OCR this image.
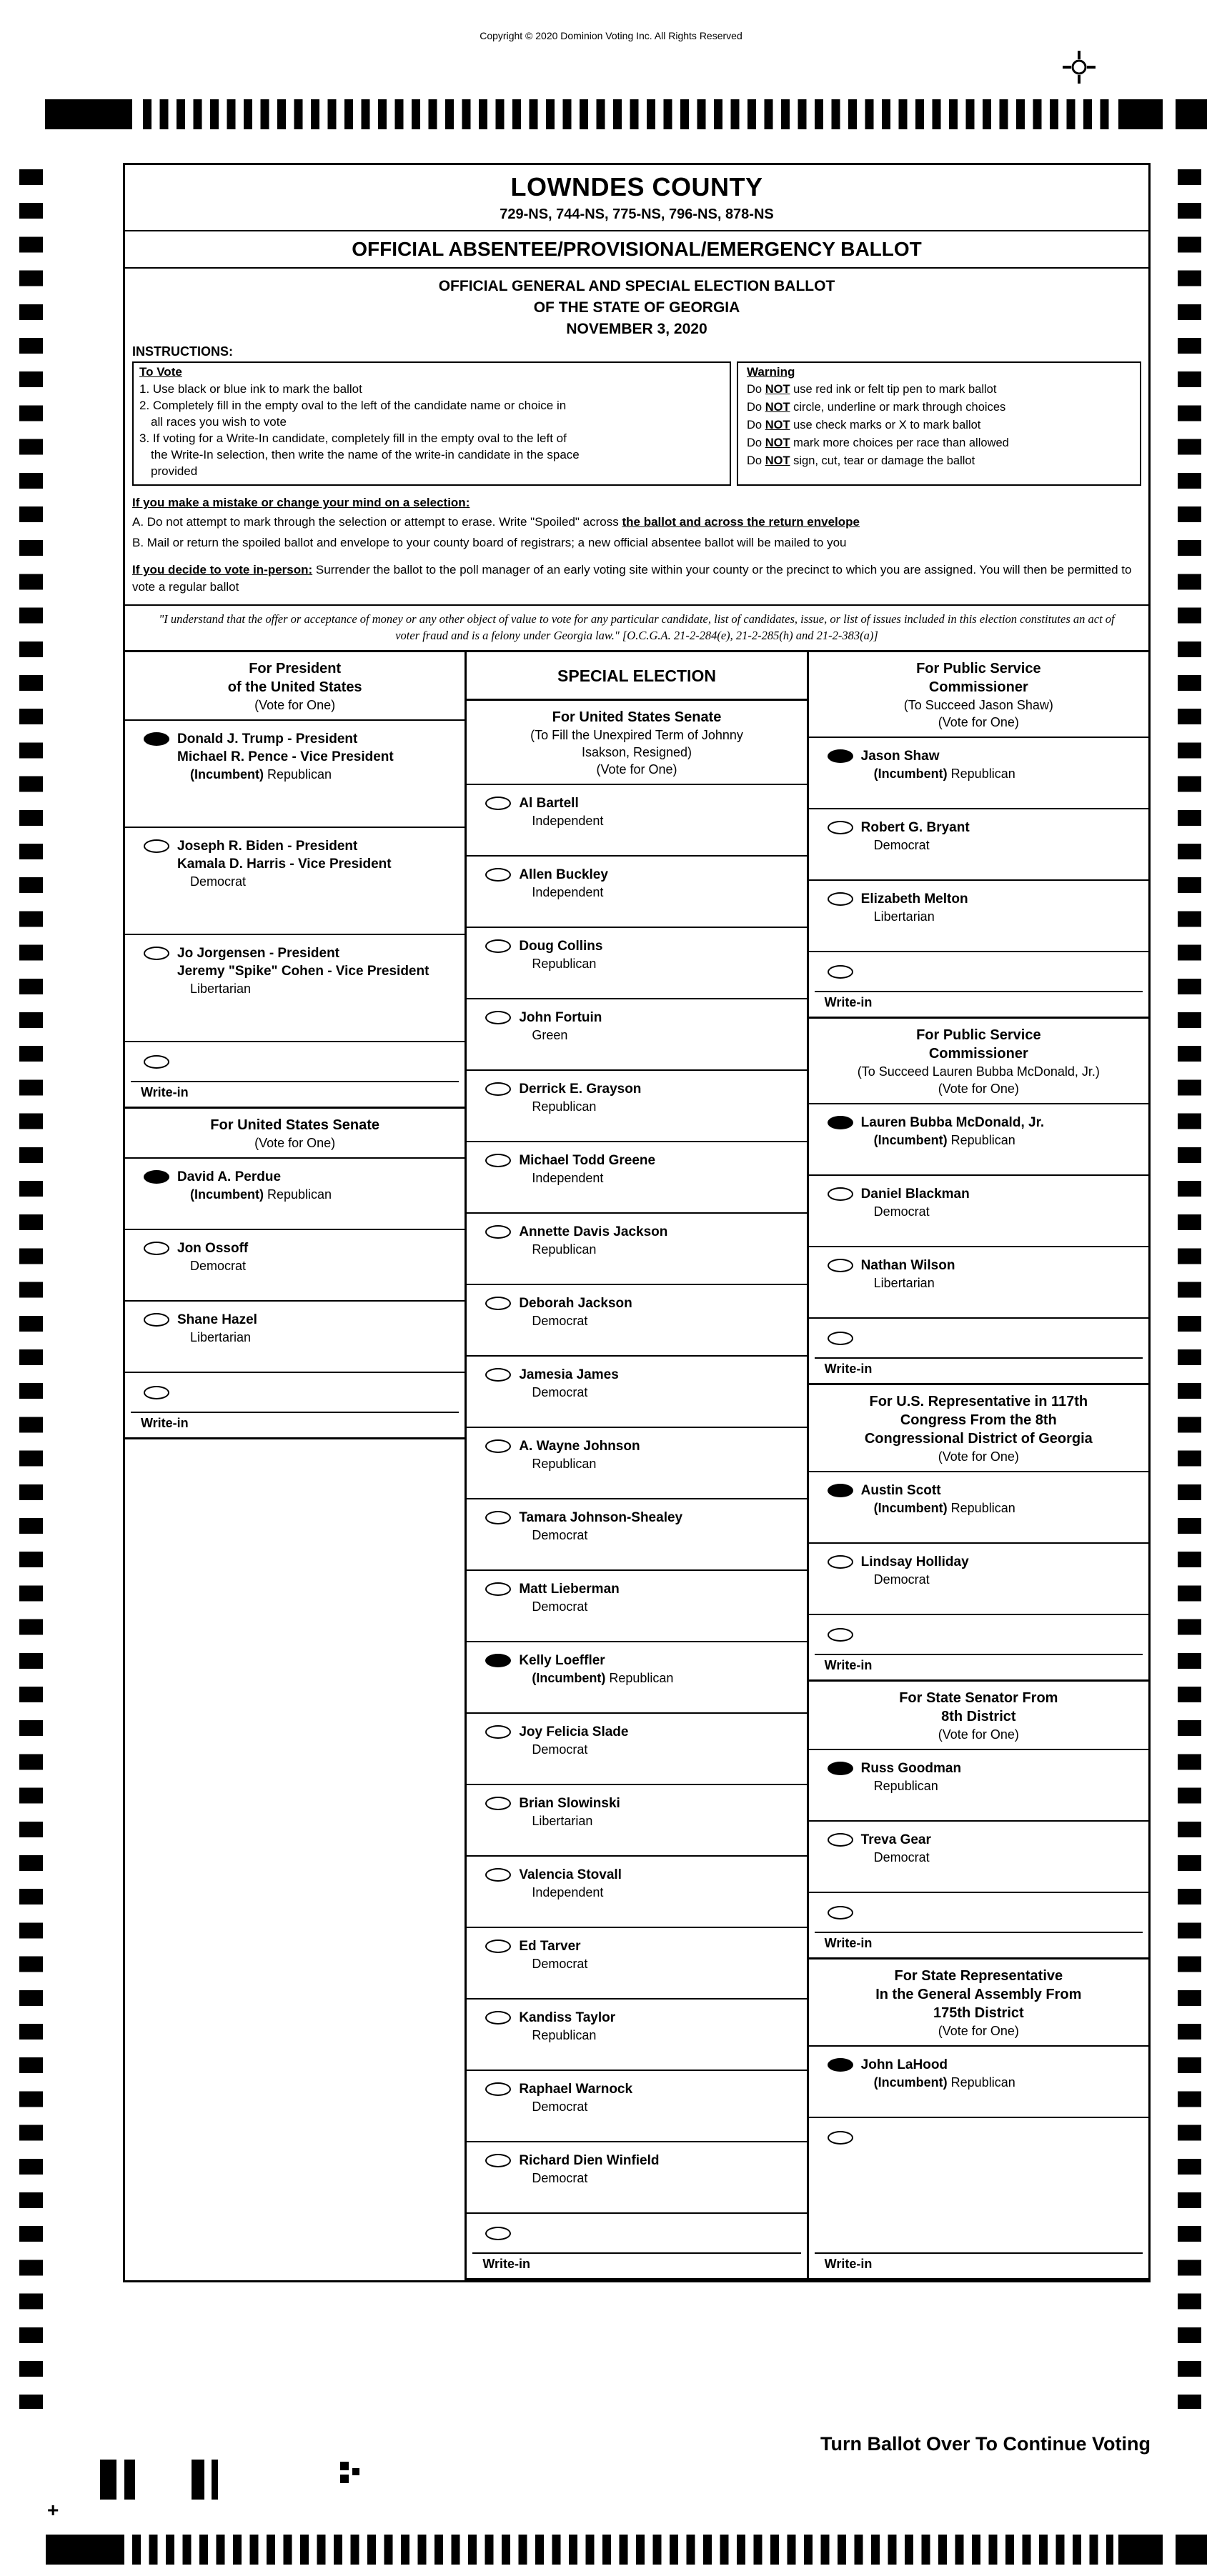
Copyright © 2020 Dominion Voting Inc. All Rights Reserved
+
LOWNDES COUNTY
729-NS, 744-NS, 775-NS, 796-NS, 878-NS
OFFICIAL ABSENTEE/PROVISIONAL/EMERGENCY BALLOT
OFFICIAL GENERAL AND SPECIAL ELECTION BALLOT
OF THE STATE OF GEORGIA
NOVEMBER 3, 2020
INSTRUCTIONS:
To Vote
1. Use black or blue ink to mark the ballot
2. Completely fill in the empty oval to the left of the candidate name or choice in
all races you wish to vote
3. If voting for a Write-In candidate, completely fill in the empty oval to the left of
the Write-In selection, then write the name of the write-in candidate in the space
provided
Warning
Do NOT use red ink or felt tip pen to mark ballot
Do NOT circle, underline or mark through choices
Do NOT use check marks or X to mark ballot
Do NOT mark more choices per race than allowed
Do NOT sign, cut, tear or damage the ballot
If you make a mistake or change your mind on a selection:
A. Do not attempt to mark through the selection or attempt to erase. Write "Spoiled" across the ballot and across the return envelope
B. Mail or return the spoiled ballot and envelope to your county board of registrars; a new official absentee ballot will be mailed to you
If you decide to vote in-person: Surrender the ballot to the poll manager of an early voting site within your county or the precinct to which you are assigned. You will then be permitted to vote a regular ballot
"I understand that the offer or acceptance of money or any other object of value to vote for any particular candidate, list of candidates, issue, or list of issues included in this election constitutes an act of voter fraud and is a felony under Georgia law." [O.C.G.A. 21-2-284(e), 21-2-285(h) and 21-2-383(a)]
For President
of the United States
(Vote for One)
Donald J. Trump - President
Michael R. Pence - Vice President
(Incumbent) Republican
Joseph R. Biden - President
Kamala D. Harris - Vice President
Democrat
Jo Jorgensen - President
Jeremy "Spike" Cohen - Vice President
Libertarian
Write-in
For United States Senate
(Vote for One)
David A. Perdue
(Incumbent) Republican
Jon Ossoff
Democrat
Shane Hazel
Libertarian
Write-in
SPECIAL ELECTION
For United States Senate
(To Fill the Unexpired Term of Johnny
Isakson, Resigned)
(Vote for One)
Al Bartell
Independent
Allen Buckley
Independent
Doug Collins
Republican
John Fortuin
Green
Derrick E. Grayson
Republican
Michael Todd Greene
Independent
Annette Davis Jackson
Republican
Deborah Jackson
Democrat
Jamesia James
Democrat
A. Wayne Johnson
Republican
Tamara Johnson-Shealey
Democrat
Matt Lieberman
Democrat
Kelly Loeffler
(Incumbent) Republican
Joy Felicia Slade
Democrat
Brian Slowinski
Libertarian
Valencia Stovall
Independent
Ed Tarver
Democrat
Kandiss Taylor
Republican
Raphael Warnock
Democrat
Richard Dien Winfield
Democrat
Write-in
For Public Service
Commissioner
(To Succeed Jason Shaw)
(Vote for One)
Jason Shaw
(Incumbent) Republican
Robert G. Bryant
Democrat
Elizabeth Melton
Libertarian
Write-in
For Public Service
Commissioner
(To Succeed Lauren Bubba McDonald, Jr.)
(Vote for One)
Lauren Bubba McDonald, Jr.
(Incumbent) Republican
Daniel Blackman
Democrat
Nathan Wilson
Libertarian
Write-in
For U.S. Representative in 117th
Congress From the 8th
Congressional District of Georgia
(Vote for One)
Austin Scott
(Incumbent) Republican
Lindsay Holliday
Democrat
Write-in
For State Senator From
8th District
(Vote for One)
Russ Goodman
Republican
Treva Gear
Democrat
Write-in
For State Representative
In the General Assembly From
175th District
(Vote for One)
John LaHood
(Incumbent) Republican
Write-in
Turn Ballot Over To Continue Voting
